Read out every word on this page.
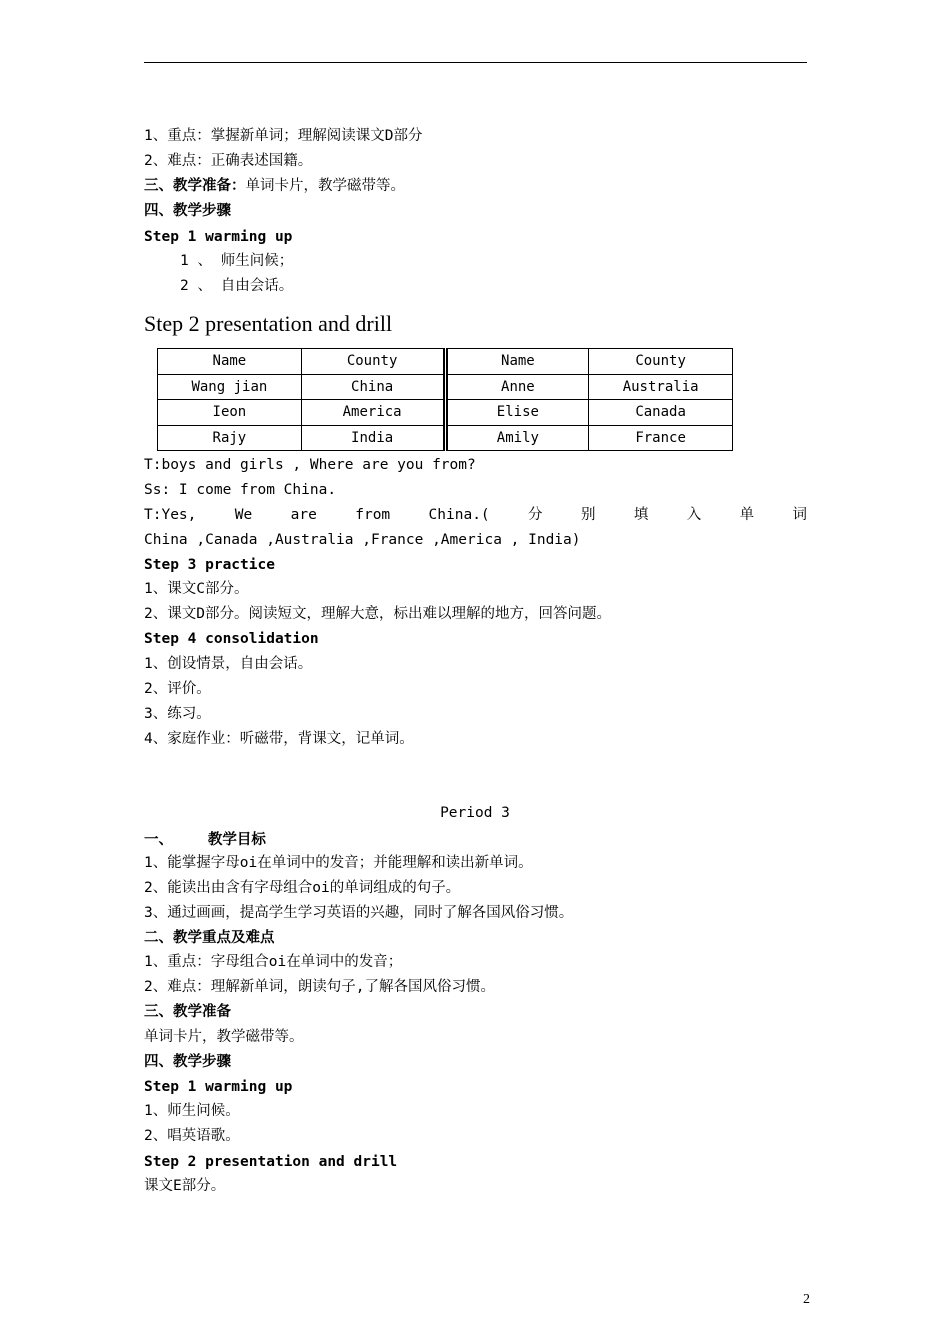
1、重点：掌握新单词；理解阅读课文D部分
2、难点：正确表述国籍。
三、教学准备：单词卡片，教学磁带等。
四、教学步骤
Step 1 warming up
1 、 师生问候；
2 、 自由会话。
Step 2 presentation and drill
Name	County	Name	County
Wang jian	China	Anne	Australia
Ieon	America	Elise	Canada
Rajy	India	Amily	France
T:boys and girls , Where are you from?
Ss: I come from China.
T:Yes,	We	are	from	China.(	分	别	填	入	单	词
China ,Canada ,Australia ,France ,America , India)
Step 3 practice
1、课文C部分。
2、课文D部分。阅读短文，理解大意，标出难以理解的地方，回答问题。
Step 4 consolidation
1、创设情景，自由会话。
2、评价。
3、练习。
4、家庭作业：听磁带，背课文，记单词。
Period 3
一、    教学目标
1、能掌握字母oi在单词中的发音；并能理解和读出新单词。
2、能读出由含有字母组合oi的单词组成的句子。
3、通过画画，提高学生学习英语的兴趣，同时了解各国风俗习惯。
二、教学重点及难点
1、重点：字母组合oi在单词中的发音；
2、难点：理解新单词，朗读句子,了解各国风俗习惯。
三、教学准备
单词卡片，教学磁带等。
四、教学步骤
Step 1 warming up
1、师生问候。
2、唱英语歌。
Step 2 presentation and drill
课文E部分。
2
